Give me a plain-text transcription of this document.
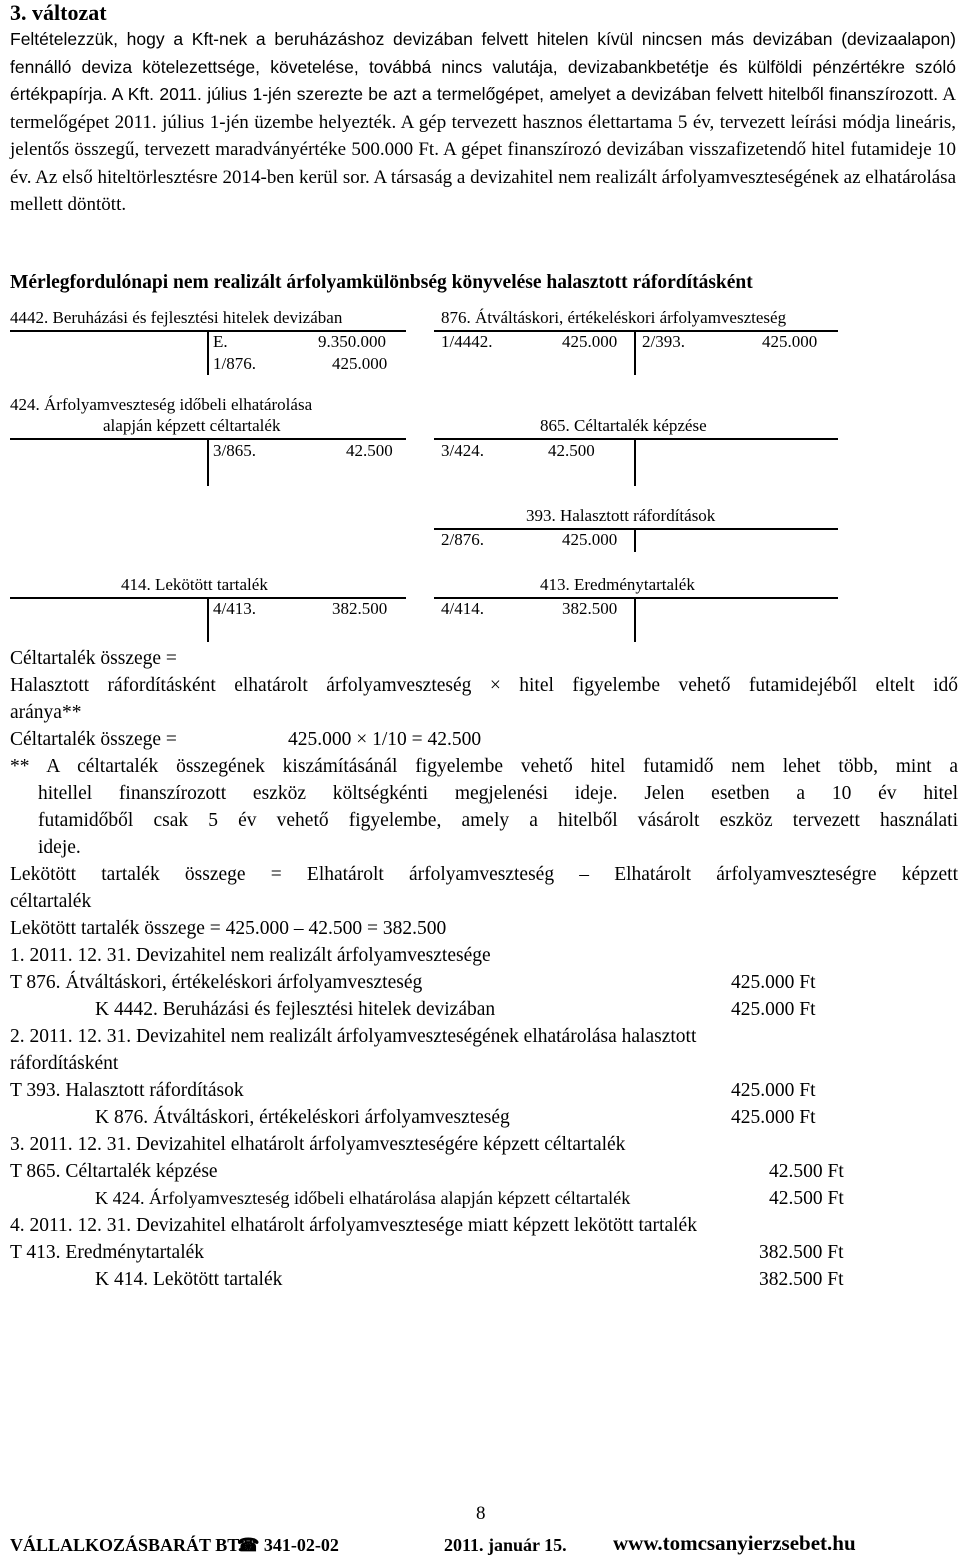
3. változat
Feltételezzük, hogy a Kft-nek a beruházáshoz devizában felvett hitelen kívül nincsen más devizában (devizaalapon) fennálló deviza kötelezettsége, követelése, továbbá nincs valutája, devizabankbetétje és külföldi pénzértékre szóló értékpapírja. A Kft. 2011. július 1-jén szerezte be azt a termelőgépet, amelyet a devizában felvett hitelből finanszírozott. A termelőgépet 2011. július 1-jén üzembe helyezték. A gép tervezett hasznos élettartama 5 év, tervezett leírási módja lineáris, jelentős összegű, tervezett maradványértéke 500.000 Ft. A gépet finanszírozó devizában visszafizetendő hitel futamideje 10 év. Az első hiteltörlesztésre 2014-ben kerül sor. A társaság a devizahitel nem realizált árfolyamveszteségének az elhatárolása mellett döntött.
Mérlegfordulónapi nem realizált árfolyamkülönbség könyvelése halasztott ráfordításként
4442. Beruházási és fejlesztési hitelek devizában
E.	9.350.000
1/876.	425.000
876. Átváltáskori, értékeléskori árfolyamveszteség
1/4442.	425.000 2/393.	425.000
424. Árfolyamveszteség időbeli elhatárolása
alapján képzett céltartalék
3/865.	42.500
865. Céltartalék képzése
3/424.	42.500
393. Halasztott ráfordítások
2/876.	425.000
414. Lekötött tartalék
4/413.	382.500
413. Eredménytartalék
4/414.	382.500
Céltartalék összege =
Halasztott ráfordításként elhatárolt árfolyamveszteség × hitel figyelembe vehető futamidejéből eltelt idő
aránya**
Céltartalék összege =	425.000 × 1/10 = 42.500
** A céltartalék összegének kiszámításánál figyelembe vehető hitel futamidő nem lehet több, mint a
hitellel finanszírozott eszköz költségkénti megjelenési ideje. Jelen esetben a 10 év hitel
futamidőből csak 5 év vehető figyelembe, amely a hitelből vásárolt eszköz tervezett használati
ideje.
Lekötött tartalék összege = Elhatárolt árfolyamveszteség – Elhatárolt árfolyamveszteségre képzett
céltartalék
Lekötött tartalék összege = 425.000 – 42.500 = 382.500
1. 2011. 12. 31. Devizahitel nem realizált árfolyamvesztesége
T 876. Átváltáskori, értékeléskori árfolyamveszteség	425.000 Ft
K 4442. Beruházási és fejlesztési hitelek devizában	425.000 Ft
2. 2011. 12. 31. Devizahitel nem realizált árfolyamveszteségének elhatárolása halasztott
ráfordításként
T 393. Halasztott ráfordítások	425.000 Ft
K 876. Átváltáskori, értékeléskori árfolyamveszteség	425.000 Ft
3. 2011. 12. 31. Devizahitel elhatárolt árfolyamveszteségére képzett céltartalék
T 865. Céltartalék képzése	42.500 Ft
K 424. Árfolyamveszteség időbeli elhatárolása alapján képzett céltartalék	42.500 Ft
4. 2011. 12. 31. Devizahitel elhatárolt árfolyamvesztesége miatt képzett lekötött tartalék
T 413. Eredménytartalék	382.500 Ft
K 414. Lekötött tartalék	382.500 Ft
8
VÁLLALKOZÁSBARÁT BT.
☎ 341-02-02	2011. január 15. www.tomcsanyierzsebet.hu
